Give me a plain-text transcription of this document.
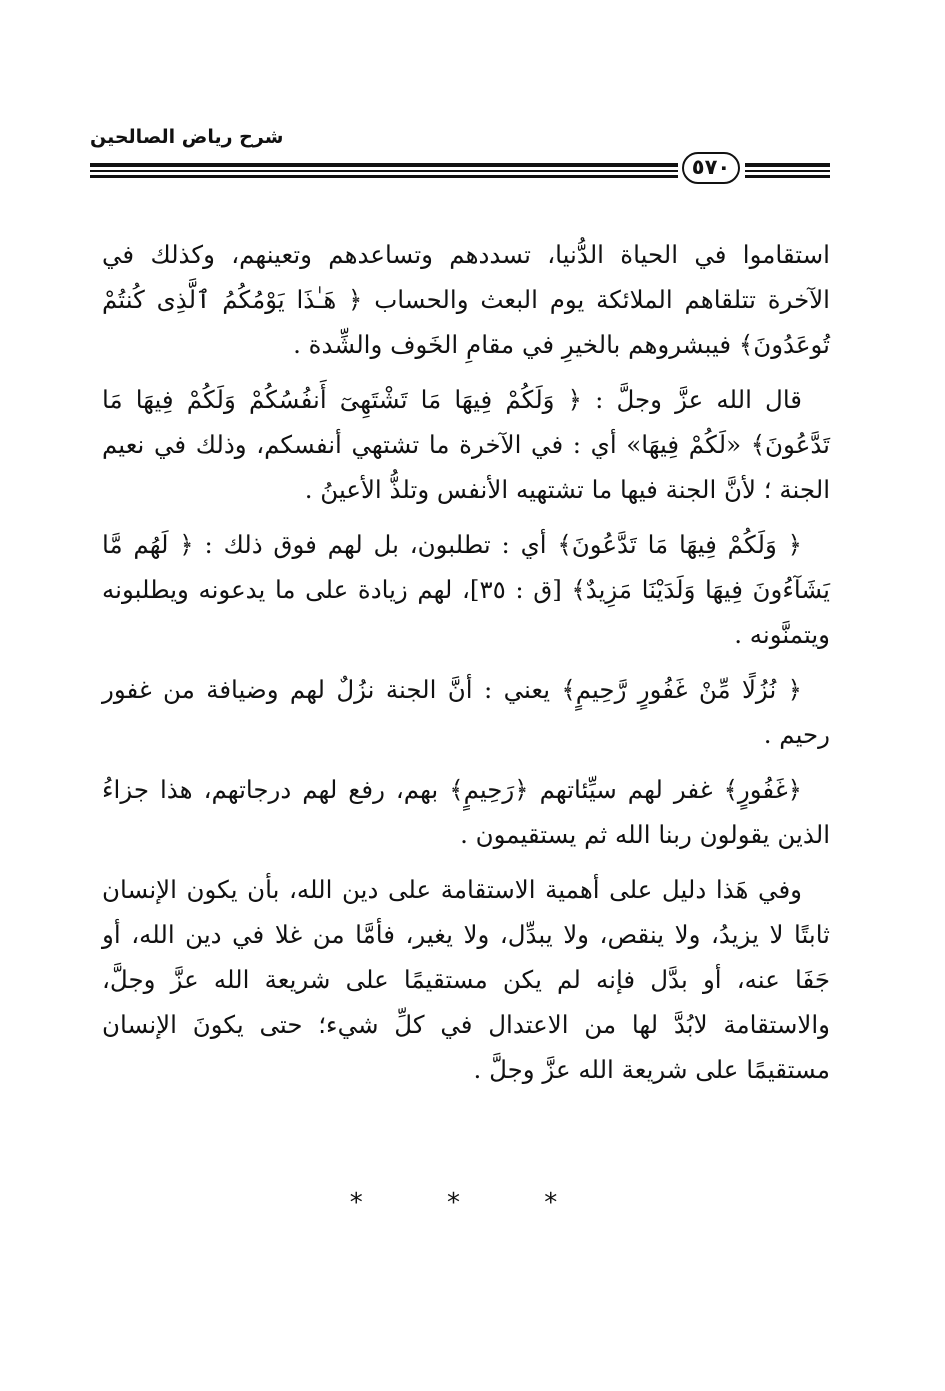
شرح رياض الصالحين
٥٧٠

استقاموا في الحياة الدُّنيا، تسددهم وتساعدهم وتعينهم، وكذلك في الآخرة تتلقاهم الملائكة يوم البعث والحساب ﴿ هَـٰذَا يَوْمُكُمُ ٱلَّذِى كُنتُمْ تُوعَدُونَ﴾ فيبشروهم بالخيرِ في مقامِ الخَوف والشِّدة .

قال الله عزَّ وجلَّ : ﴿ وَلَكُمْ فِيهَا مَا تَشْتَهِىٓ أَنفُسُكُمْ وَلَكُمْ فِيهَا مَا تَدَّعُونَ﴾ «لَكُمْ فِيهَا» أي : في الآخرة ما تشتهي أنفسكم، وذلك في نعيم الجنة ؛ لأنَّ الجنة فيها ما تشتهيه الأنفس وتلذُّ الأعينُ .

﴿ وَلَكُمْ فِيهَا مَا تَدَّعُونَ﴾ أي : تطلبون، بل لهم فوق ذلك : ﴿ لَهُم مَّا يَشَآءُونَ فِيهَا وَلَدَيْنَا مَزِيدٌ﴾ [ق : ٣٥]، لهم زيادة على ما يدعونه ويطلبونه ويتمنَّونه .

﴿ نُزُلًا مِّنْ غَفُورٍ رَّحِيمٍ﴾ يعني : أنَّ الجنة نزُلٌ لهم وضيافة من غفور رحيم .

﴿غَفُورٍ﴾ غفر لهم سيِّئاتهم ﴿رَحِيمٍ﴾ بهم، رفع لهم درجاتهم، هذا جزاءُ الذين يقولون ربنا الله ثم يستقيمون .

وفي هَذا دليل على أهمية الاستقامة على دين الله، بأن يكون الإنسان ثابتًا لا يزيدُ، ولا ينقص، ولا يبدِّل، ولا يغير، فأمَّا من غلا في دين الله، أو جَفَا عنه، أو بدَّل فإنه لم يكن مستقيمًا على شريعة الله عزَّ وجلَّ، والاستقامة لابُدَّ لها من الاعتدال في كلِّ شيء؛ حتى يكونَ الإنسان مستقيمًا على شريعة الله عزَّ وجلَّ .

* * *
